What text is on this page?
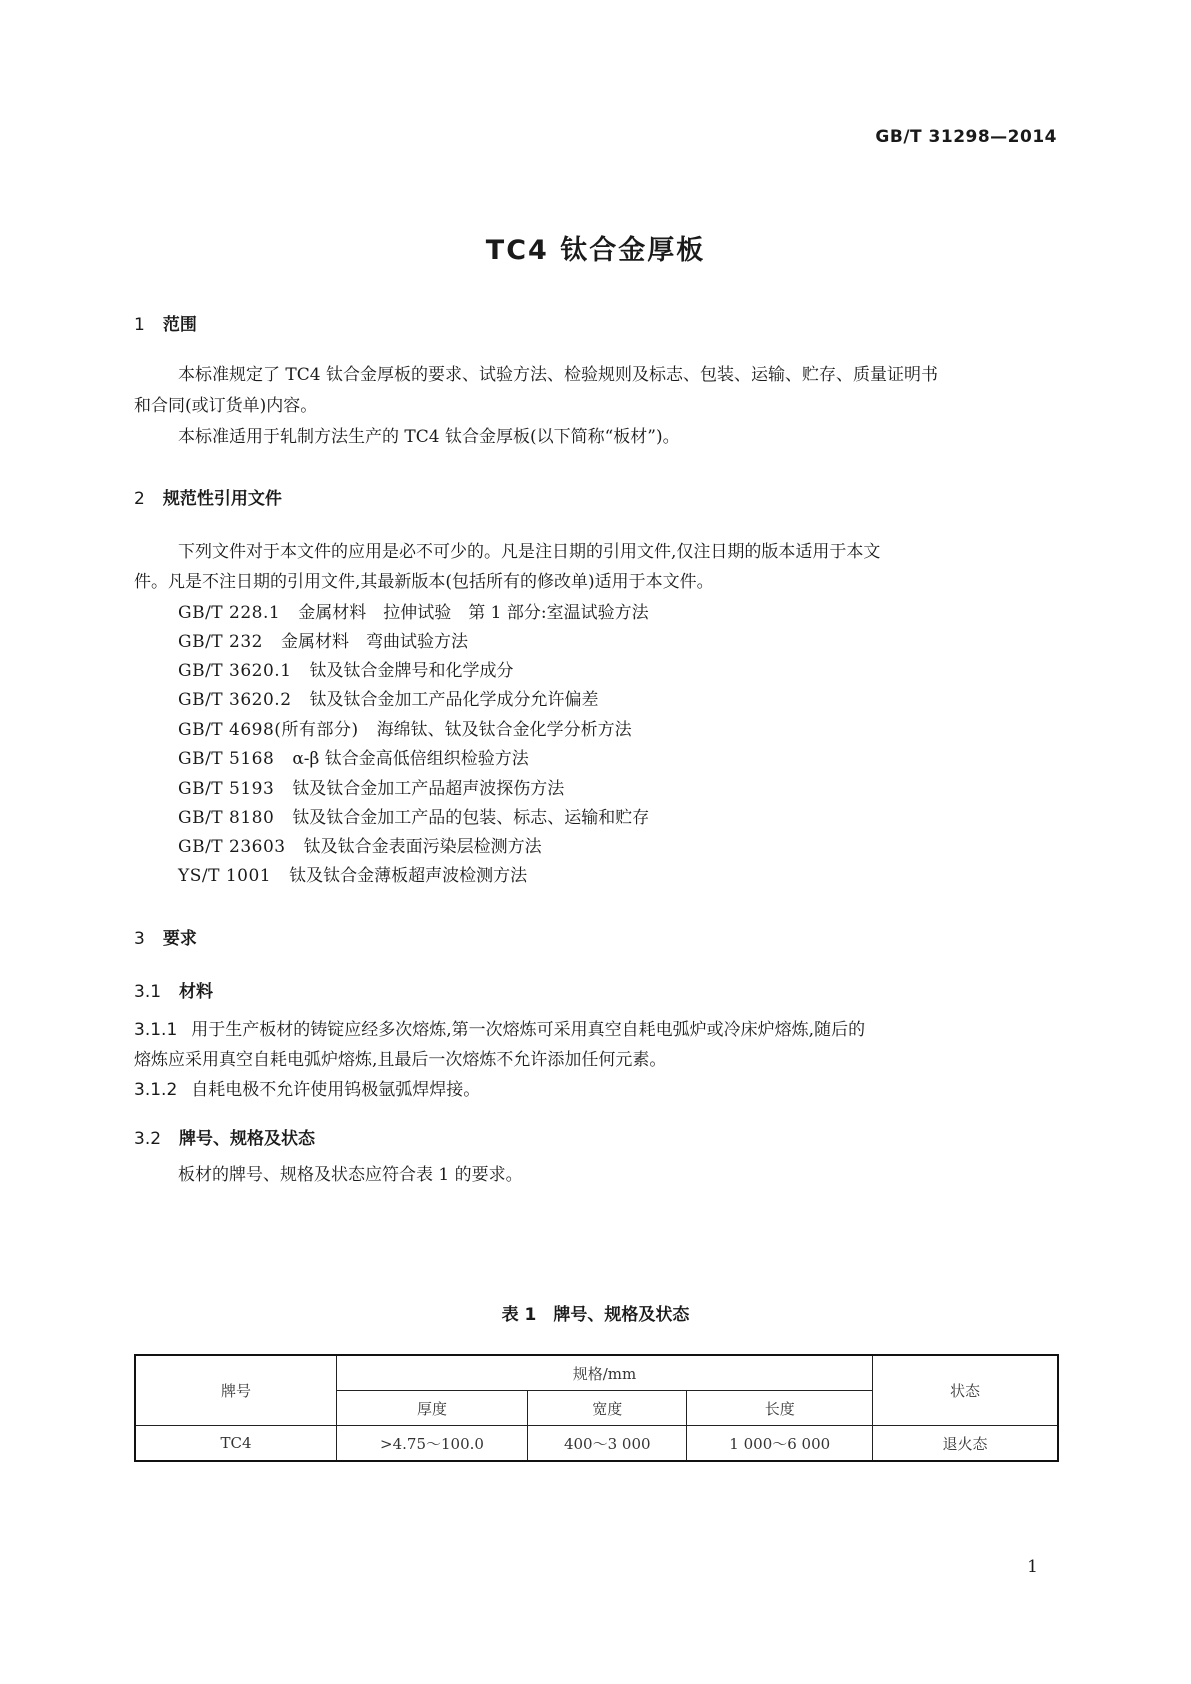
GB/T 31298—2014
TC4 钛合金厚板
1 范围
本标准规定了 TC4 钛合金厚板的要求、试验方法、检验规则及标志、包装、运输、贮存、质量证明书
和合同(或订货单)内容。
本标准适用于轧制方法生产的 TC4 钛合金厚板(以下简称“板材”)。
2 规范性引用文件
下列文件对于本文件的应用是必不可少的。凡是注日期的引用文件,仅注日期的版本适用于本文
件。凡是不注日期的引用文件,其最新版本(包括所有的修改单)适用于本文件。
GB/T 228.1 金属材料　拉伸试验　第 1 部分:室温试验方法
GB/T 232 金属材料　弯曲试验方法
GB/T 3620.1 钛及钛合金牌号和化学成分
GB/T 3620.2 钛及钛合金加工产品化学成分允许偏差
GB/T 4698(所有部分) 海绵钛、钛及钛合金化学分析方法
GB/T 5168 α-β 钛合金高低倍组织检验方法
GB/T 5193 钛及钛合金加工产品超声波探伤方法
GB/T 8180 钛及钛合金加工产品的包装、标志、运输和贮存
GB/T 23603 钛及钛合金表面污染层检测方法
YS/T 1001 钛及钛合金薄板超声波检测方法
3 要求
3.1 材料
3.1.1 用于生产板材的铸锭应经多次熔炼,第一次熔炼可采用真空自耗电弧炉或冷床炉熔炼,随后的
熔炼应采用真空自耗电弧炉熔炼,且最后一次熔炼不允许添加任何元素。
3.1.2 自耗电极不允许使用钨极氩弧焊焊接。
3.2 牌号、规格及状态
板材的牌号、规格及状态应符合表 1 的要求。
表 1　牌号、规格及状态
牌号	规格/mm			状态
	厚度	宽度	长度	
TC4	>4.75～100.0	400～3 000	1 000～6 000	退火态
1
